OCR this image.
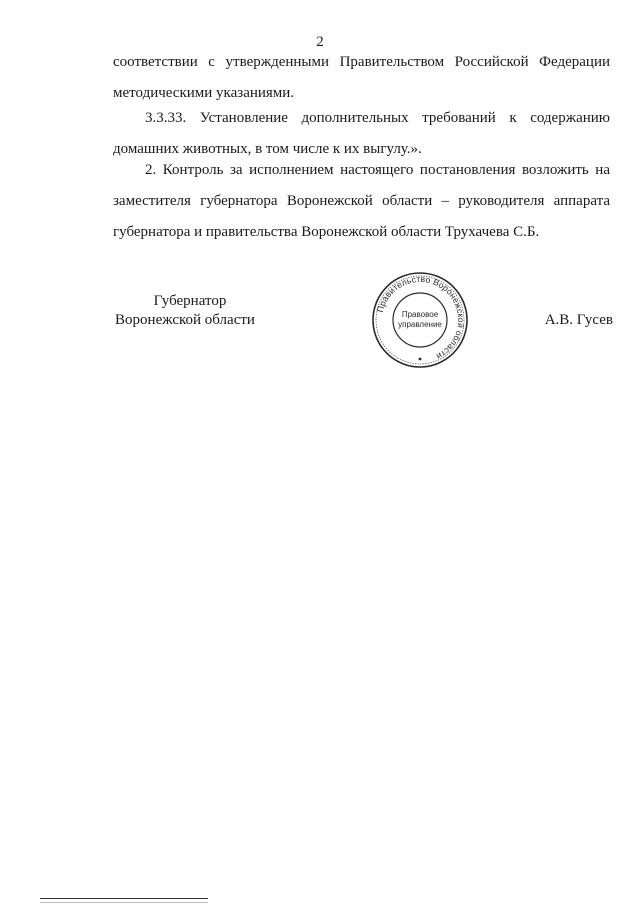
2
соответствии с утвержденными Правительством Российской Федерации
методическими указаниями.
3.3.33. Установление дополнительных требований к содержанию
домашних животных, в том числе к их выгулу.».
2. Контроль за исполнением настоящего постановления возложить на
заместителя губернатора Воронежской области – руководителя аппарата
губернатора и правительства Воронежской области Трухачева С.Б.
Губернатор
Воронежской области
Правительство Воронежской области
Правовое
управление	А.В. Гусев
